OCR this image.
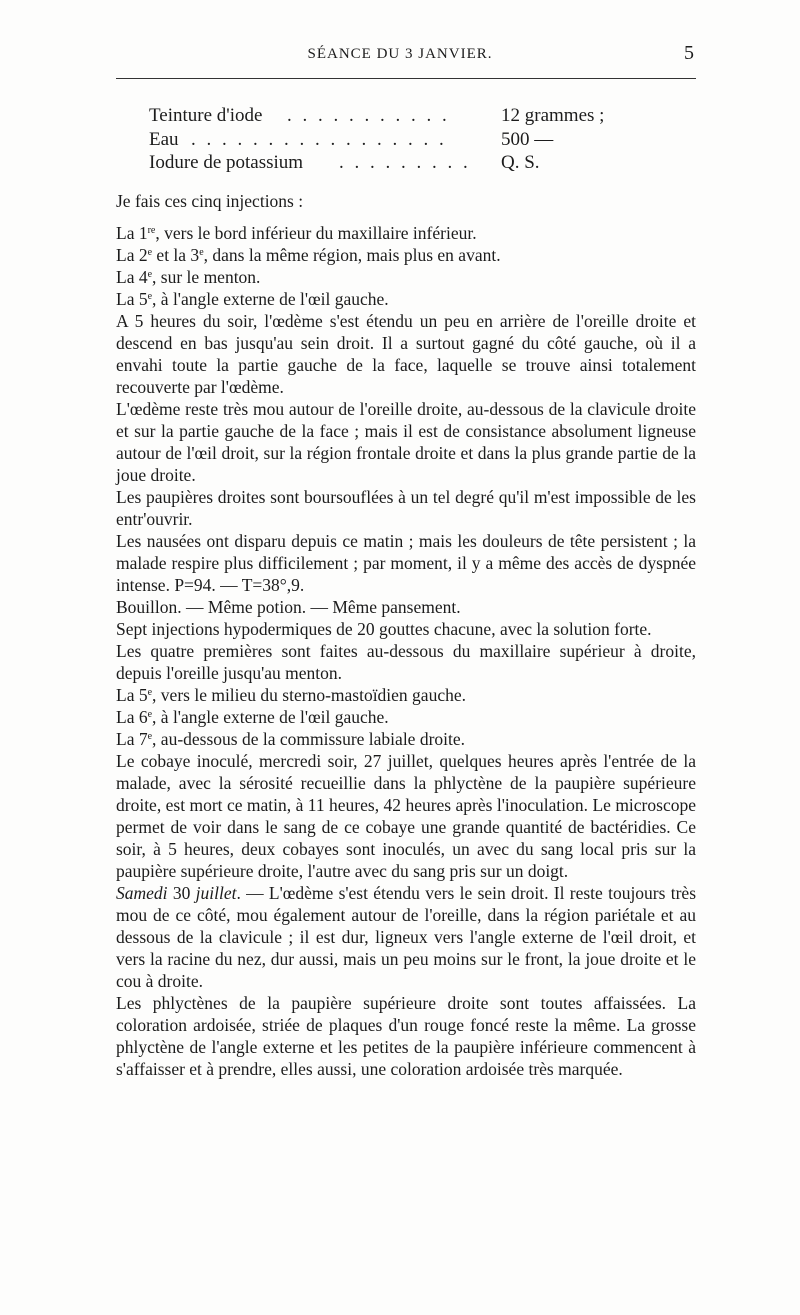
SÉANCE DU 3 JANVIER.	5
Teinture d'iode . . . . . . . . . . .	12 grammes ;
Eau . . . . . . . . . . . . . . . . .	500 —
Iodure de potassium . . . . . . . . . Q. S.

Je fais ces cinq injections :

La 1re, vers le bord inférieur du maxillaire inférieur.

La 2e et la 3e, dans la même région, mais plus en avant.

La 4e, sur le menton.

La 5e, à l'angle externe de l'œil gauche.

A 5 heures du soir, l'œdème s'est étendu un peu en arrière de l'oreille droite et descend en bas jusqu'au sein droit. Il a surtout gagné du côté gauche, où il a envahi toute la partie gauche de la face, laquelle se trouve ainsi totalement recouverte par l'œdème.

L'œdème reste très mou autour de l'oreille droite, au-dessous de la clavicule droite et sur la partie gauche de la face ; mais il est de consistance absolument ligneuse autour de l'œil droit, sur la région frontale droite et dans la plus grande partie de la joue droite.

Les paupières droites sont boursouflées à un tel degré qu'il m'est impossible de les entr'ouvrir.

Les nausées ont disparu depuis ce matin ; mais les douleurs de tête persistent ; la malade respire plus difficilement ; par moment, il y a même des accès de dyspnée intense. P=94. — T=38°,9.

Bouillon. — Même potion. — Même pansement.

Sept injections hypodermiques de 20 gouttes chacune, avec la solution forte.

Les quatre premières sont faites au-dessous du maxillaire supérieur à droite, depuis l'oreille jusqu'au menton.

La 5e, vers le milieu du sterno-mastoïdien gauche.

La 6e, à l'angle externe de l'œil gauche.

La 7e, au-dessous de la commissure labiale droite.

Le cobaye inoculé, mercredi soir, 27 juillet, quelques heures après l'entrée de la malade, avec la sérosité recueillie dans la phlyctène de la paupière supérieure droite, est mort ce matin, à 11 heures, 42 heures après l'inoculation. Le microscope permet de voir dans le sang de ce cobaye une grande quantité de bactéridies. Ce soir, à 5 heures, deux cobayes sont inoculés, un avec du sang local pris sur la paupière supérieure droite, l'autre avec du sang pris sur un doigt.

Samedi 30 juillet. — L'œdème s'est étendu vers le sein droit. Il reste toujours très mou de ce côté, mou également autour de l'oreille, dans la région pariétale et au dessous de la clavicule ; il est dur, ligneux vers l'angle externe de l'œil droit, et vers la racine du nez, dur aussi, mais un peu moins sur le front, la joue droite et le cou à droite.

Les phlyctènes de la paupière supérieure droite sont toutes affaissées. La coloration ardoisée, striée de plaques d'un rouge foncé reste la même. La grosse phlyctène de l'angle externe et les petites de la paupière inférieure commencent à s'affaisser et à prendre, elles aussi, une coloration ardoisée très marquée.
